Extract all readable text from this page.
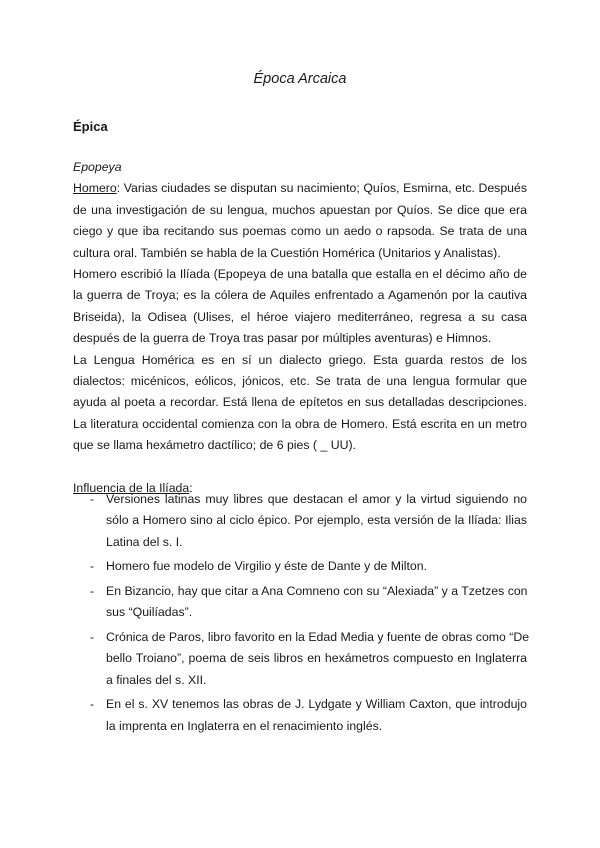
Época Arcaica
Épica
Epopeya
Homero: Varias ciudades se disputan su nacimiento; Quíos, Esmirna, etc. Después
de una investigación de su lengua, muchos apuestan por Quíos. Se dice que era
ciego y que iba recitando sus poemas como un aedo o rapsoda. Se trata de una
cultura oral. También se habla de la Cuestión Homérica (Unitarios y Analistas).
Homero escribió la Ilíada (Epopeya de una batalla que estalla en el décimo año de
la guerra de Troya; es la cólera de Aquiles enfrentado a Agamenón por la cautiva
Briseida), la Odisea (Ulises, el héroe viajero mediterráneo, regresa a su casa
después de la guerra de Troya tras pasar por múltiples aventuras) e Himnos.
La Lengua Homérica es en sí un dialecto griego. Esta guarda restos de los
dialectos: micénicos, eólicos, jónicos, etc. Se trata de una lengua formular que
ayuda al poeta a recordar. Está llena de epítetos en sus detalladas descripciones.
La literatura occidental comienza con la obra de Homero. Está escrita en un metro
que se llama hexámetro dactílico; de 6 pies ( _ UU).
Influencia de la Ilíada:
- Versiones latinas muy libres que destacan el amor y la virtud siguiendo no
sólo a Homero sino al ciclo épico. Por ejemplo, esta versión de la Ilíada: Ilias
Latina del s. I.
- Homero fue modelo de Virgilio y éste de Dante y de Milton.
- En Bizancio, hay que citar a Ana Comneno con su “Alexiada” y a Tzetzes con
sus “Quilíadas”.
- Crónica de Paros, libro favorito en la Edad Media y fuente de obras como “De
bello Troiano”, poema de seis libros en hexámetros compuesto en Inglaterra
a finales del s. XII.
- En el s. XV tenemos las obras de J. Lydgate y William Caxton, que introdujo
la imprenta en Inglaterra en el renacimiento inglés.
